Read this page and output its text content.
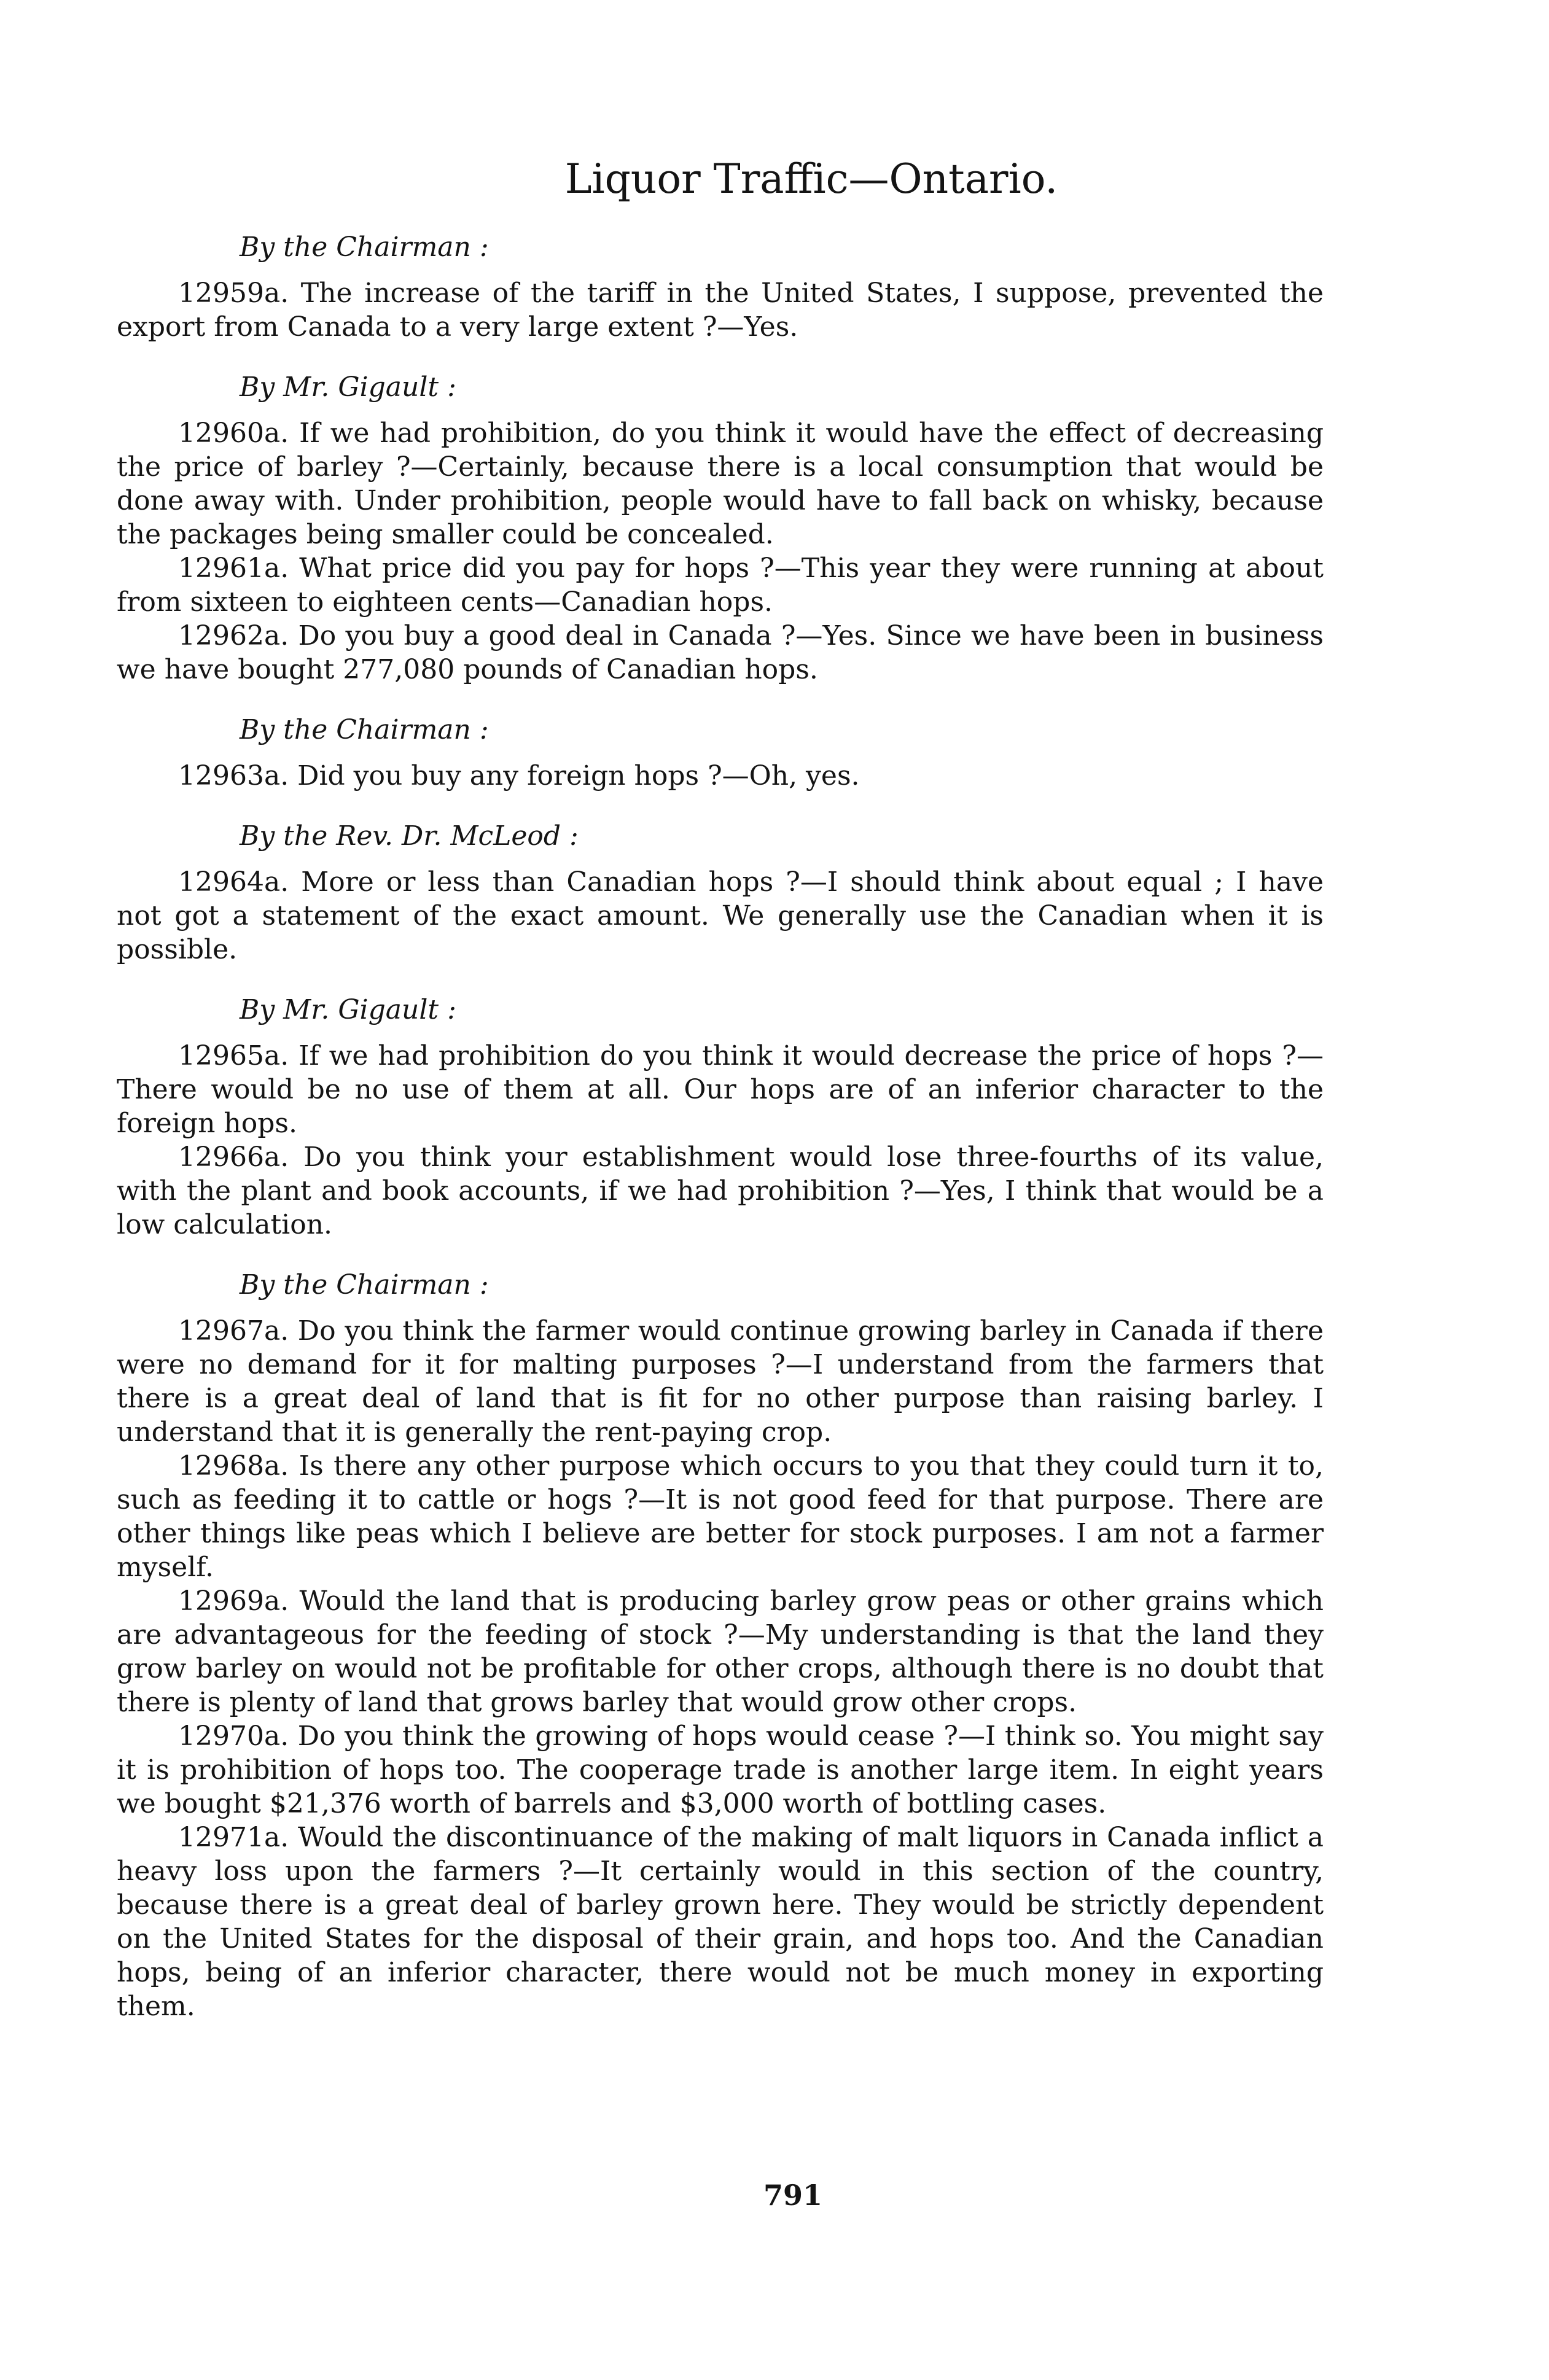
Liquor Traffic—Ontario.

By the Chairman :

12959a. The increase of the tariff in the United States, I suppose, prevented the export from Canada to a very large extent ?—Yes.

By Mr. Gigault :

12960a. If we had prohibition, do you think it would have the effect of decreasing the price of barley ?—Certainly, because there is a local consumption that would be done away with. Under prohibition, people would have to fall back on whisky, because the packages being smaller could be concealed.

12961a. What price did you pay for hops ?—This year they were running at about from sixteen to eighteen cents—Canadian hops.

12962a. Do you buy a good deal in Canada ?—Yes. Since we have been in business we have bought 277,080 pounds of Canadian hops.

By the Chairman :

12963a. Did you buy any foreign hops ?—Oh, yes.

By the Rev. Dr. McLeod :

12964a. More or less than Canadian hops ?—I should think about equal ; I have not got a statement of the exact amount. We generally use the Canadian when it is possible.

By Mr. Gigault :

12965a. If we had prohibition do you think it would decrease the price of hops ?—There would be no use of them at all. Our hops are of an inferior character to the foreign hops.

12966a. Do you think your establishment would lose three-fourths of its value, with the plant and book accounts, if we had prohibition ?—Yes, I think that would be a low calculation.

By the Chairman :

12967a. Do you think the farmer would continue growing barley in Canada if there were no demand for it for malting purposes ?—I understand from the farmers that there is a great deal of land that is fit for no other purpose than raising barley. I understand that it is generally the rent-paying crop.

12968a. Is there any other purpose which occurs to you that they could turn it to, such as feeding it to cattle or hogs ?—It is not good feed for that purpose. There are other things like peas which I believe are better for stock purposes. I am not a farmer myself.

12969a. Would the land that is producing barley grow peas or other grains which are advantageous for the feeding of stock ?—My understanding is that the land they grow barley on would not be profitable for other crops, although there is no doubt that there is plenty of land that grows barley that would grow other crops.

12970a. Do you think the growing of hops would cease ?—I think so. You might say it is prohibition of hops too. The cooperage trade is another large item. In eight years we bought $21,376 worth of barrels and $3,000 worth of bottling cases.

12971a. Would the discontinuance of the making of malt liquors in Canada inflict a heavy loss upon the farmers ?—It certainly would in this section of the country, because there is a great deal of barley grown here. They would be strictly dependent on the United States for the disposal of their grain, and hops too. And the Canadian hops, being of an inferior character, there would not be much money in exporting them.

791
